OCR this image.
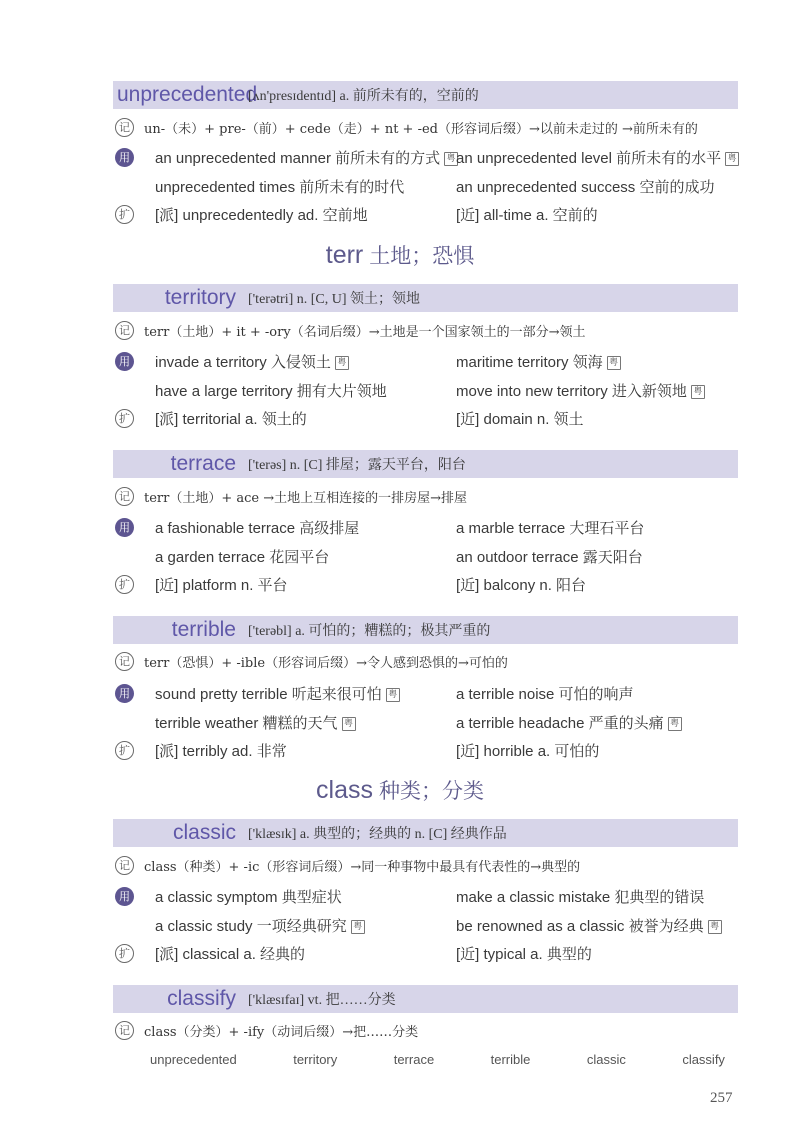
unprecedented
[ʌn'presɪdentɪd] a. 前所未有的，空前的
记	un-（未）+ pre-（前）+ cede（走）+ nt + -ed（形容词后缀）→以前未走过的 →前所未有的
用 an unprecedented manner 前所未有的方式 粤 an unprecedented level 前所未有的水平 粤
unprecedented times 前所未有的时代	an unprecedented success 空前的成功
扩 [派] unprecedentedly ad. 空前地	[近] all-time a. 空前的
terr 土地；恐惧
territory ['terətri] n. [C, U] 领土；领地
记	terr（土地）+ it + -ory（名词后缀）→土地是一个国家领土的一部分→领土
用 invade a territory 入侵领土 粤	maritime territory 领海 粤
have a large territory 拥有大片领地	move into new territory 进入新领地 粤
扩 [派] territorial a. 领土的	[近] domain n. 领土
terrace ['terəs] n. [C] 排屋；露天平台，阳台
记	terr（土地）+ ace →土地上互相连接的一排房屋→排屋
用 a fashionable terrace 高级排屋	a marble terrace 大理石平台
a garden terrace 花园平台	an outdoor terrace 露天阳台
扩 [近] platform n. 平台	[近] balcony n. 阳台
terrible ['terəbl] a. 可怕的；糟糕的；极其严重的
记	terr（恐惧）+ -ible（形容词后缀）→令人感到恐惧的→可怕的
用 sound pretty terrible 听起来很可怕 粤	a terrible noise 可怕的响声
terrible weather 糟糕的天气 粤	a terrible headache 严重的头痛 粤
扩 [派] terribly ad. 非常	[近] horrible a. 可怕的
class 种类；分类
classic ['klæsɪk] a. 典型的；经典的 n. [C] 经典作品
记	class（种类）+ -ic（形容词后缀）→同一种事物中最具有代表性的→典型的
用 a classic symptom 典型症状	make a classic mistake 犯典型的错误
a classic study 一项经典研究 粤	be renowned as a classic 被誉为经典 粤
扩 [派] classical a. 经典的	[近] typical a. 典型的
classify ['klæsɪfaɪ] vt. 把……分类
记	class（分类）+ -ify（动词后缀）→把……分类
unprecedented	territory	terrace	terrible	classic	classify
257
